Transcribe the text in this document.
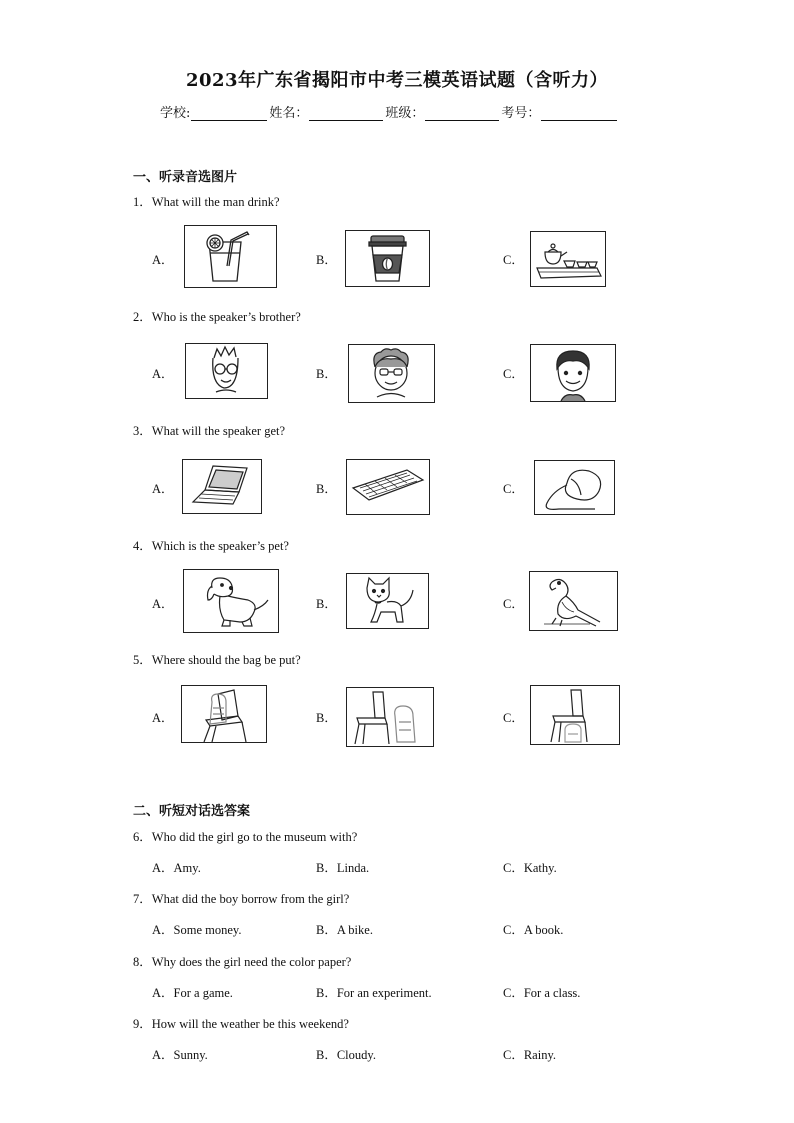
2023年广东省揭阳市中考三模英语试题（含听力）
学校:	姓名：	班级：	考号：
一、听录音选图片
1．What will the man drink?
A．	B．	C．
2．Who is the speaker’s brother?
A．	B．	C．
3．What will the speaker get?
A．	B．	C．
4．Which is the speaker’s pet?
A．	B．	C．
5．Where should the bag be put?
A．	B．	C．
二、听短对话选答案
6．Who did the girl go to the museum with?
A．Amy.	B．Linda.	C．Kathy.
7．What did the boy borrow from the girl?
A．Some money.	B．A bike.	C．A book.
8．Why does the girl need the color paper?
A．For a game.	B．For an experiment.	C．For a class.
9．How will the weather be this weekend?
A．Sunny.	B．Cloudy.	C．Rainy.
